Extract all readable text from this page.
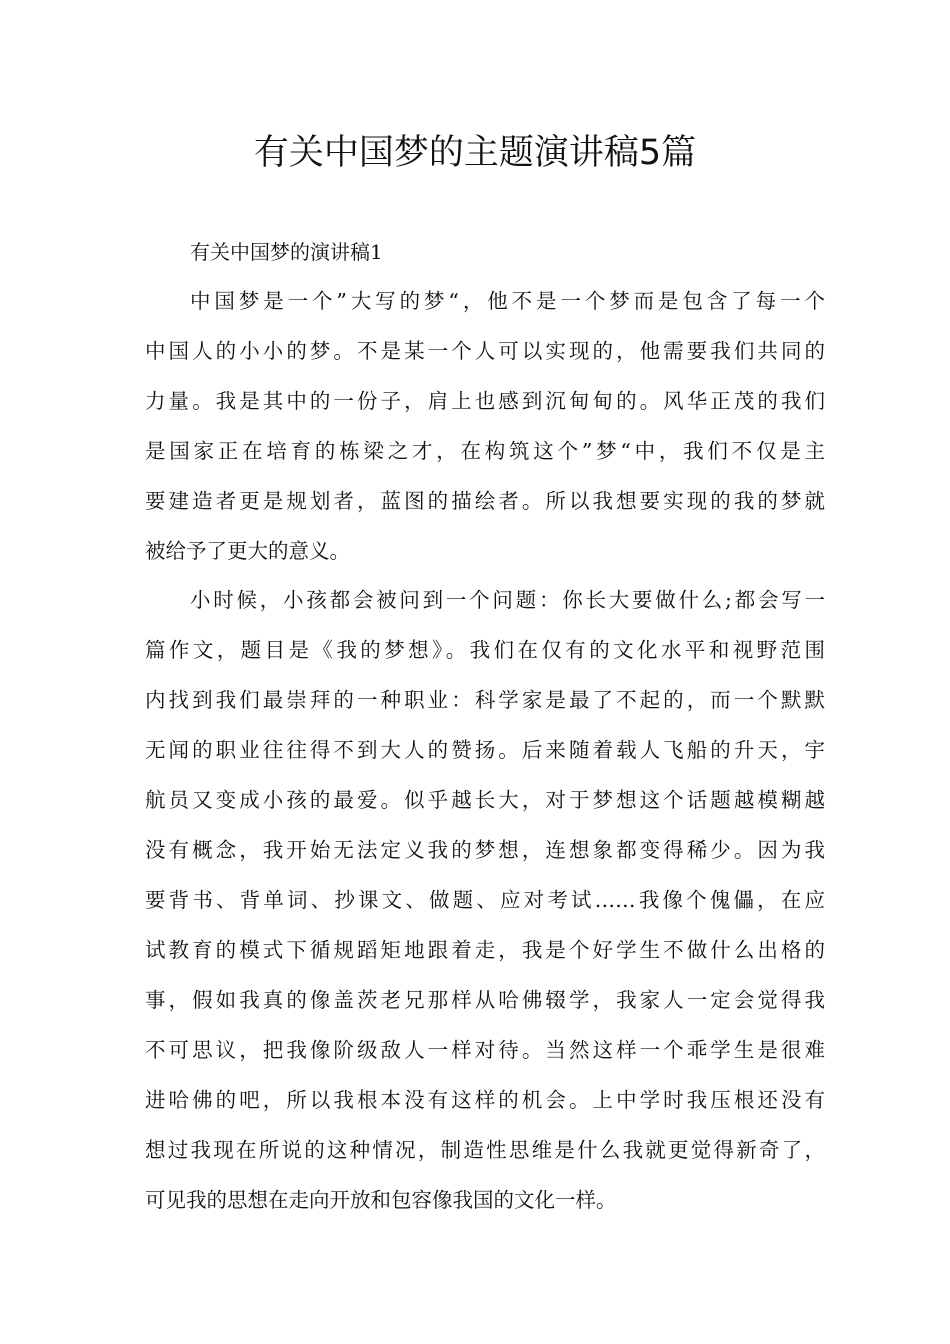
有关中国梦的主题演讲稿5篇

有关中国梦的演讲稿1

中国梦是一个”大写的梦“，他不是一个梦而是包含了每一个
中国人的小小的梦。不是某一个人可以实现的，他需要我们共同的
力量。我是其中的一份子，肩上也感到沉甸甸的。风华正茂的我们
是国家正在培育的栋梁之才，在构筑这个”梦“中，我们不仅是主
要建造者更是规划者，蓝图的描绘者。所以我想要实现的我的梦就
被给予了更大的意义。
小时候，小孩都会被问到一个问题：你长大要做什么;都会写一
篇作文，题目是《我的梦想》。我们在仅有的文化水平和视野范围
内找到我们最崇拜的一种职业：科学家是最了不起的，而一个默默
无闻的职业往往得不到大人的赞扬。后来随着载人飞船的升天，宇
航员又变成小孩的最爱。似乎越长大，对于梦想这个话题越模糊越
没有概念，我开始无法定义我的梦想，连想象都变得稀少。因为我
要背书、背单词、抄课文、做题、应对考试……我像个傀儡，在应
试教育的模式下循规蹈矩地跟着走，我是个好学生不做什么出格的
事，假如我真的像盖茨老兄那样从哈佛辍学，我家人一定会觉得我
不可思议，把我像阶级敌人一样对待。当然这样一个乖学生是很难
进哈佛的吧，所以我根本没有这样的机会。上中学时我压根还没有
想过我现在所说的这种情况，制造性思维是什么我就更觉得新奇了，
可见我的思想在走向开放和包容像我国的文化一样。
